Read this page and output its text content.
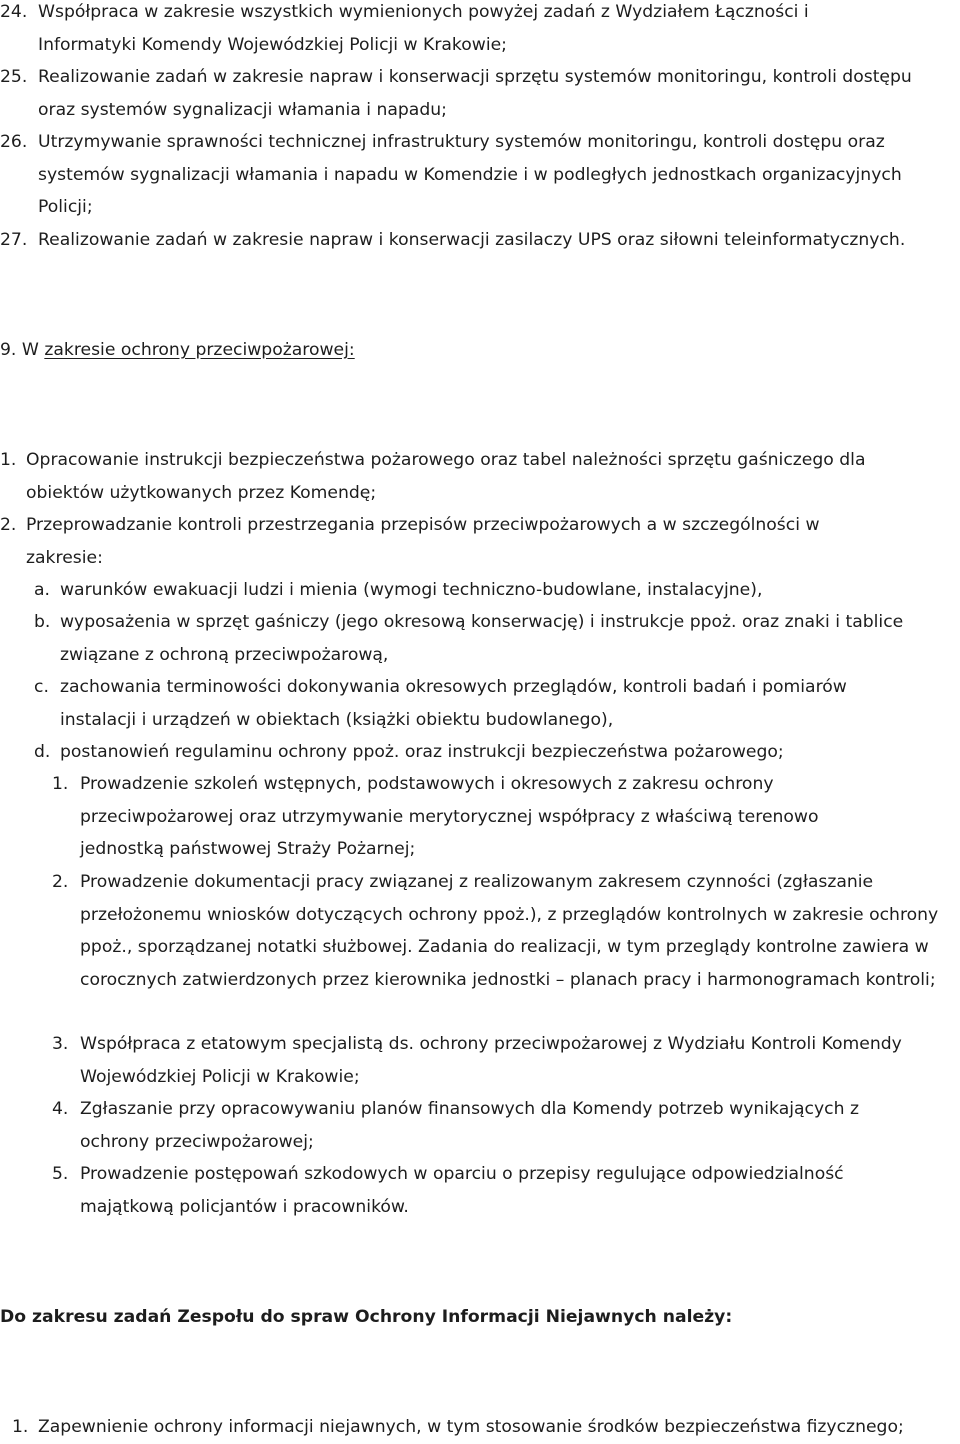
24. Współpraca w zakresie wszystkich wymienionych powyżej zadań z Wydziałem Łączności i Informatyki Komendy Wojewódzkiej Policji w Krakowie;
25. Realizowanie zadań w zakresie napraw i konserwacji sprzętu systemów monitoringu, kontroli dostępu oraz systemów sygnalizacji włamania i napadu;
26. Utrzymywanie sprawności technicznej infrastruktury systemów monitoringu, kontroli dostępu oraz systemów sygnalizacji włamania i napadu w Komendzie i w podległych jednostkach organizacyjnych Policji;
27. Realizowanie zadań w zakresie napraw i konserwacji zasilaczy UPS oraz siłowni teleinformatycznych.
9. W zakresie ochrony przeciwpożarowej:
1. Opracowanie instrukcji bezpieczeństwa pożarowego oraz tabel należności sprzętu gaśniczego dla obiektów użytkowanych przez Komendę;
2. Przeprowadzanie kontroli przestrzegania przepisów przeciwpożarowych a w szczególności w zakresie:
a. warunków ewakuacji ludzi i mienia (wymogi techniczno-budowlane, instalacyjne),
b. wyposażenia w sprzęt gaśniczy (jego okresową konserwację) i instrukcje ppoż. oraz znaki i tablice związane z ochroną przeciwpożarową,
c. zachowania terminowości dokonywania okresowych przeglądów, kontroli badań i pomiarów instalacji i urządzeń w obiektach (książki obiektu budowlanego),
d. postanowień regulaminu ochrony ppoż. oraz instrukcji bezpieczeństwa pożarowego;
1. Prowadzenie szkoleń wstępnych, podstawowych i okresowych z zakresu ochrony przeciwpożarowej oraz utrzymywanie merytorycznej współpracy z właściwą terenowo jednostką państwowej Straży Pożarnej;
2. Prowadzenie dokumentacji pracy związanej z realizowanym zakresem czynności (zgłaszanie przełożonemu wniosków dotyczących ochrony ppoż.), z przeglądów kontrolnych w zakresie ochrony ppoż., sporządzanej notatki służbowej. Zadania do realizacji, w tym przeglądy kontrolne zawiera w corocznych zatwierdzonych przez kierownika jednostki – planach pracy i harmonogramach kontroli;
3. Współpraca z etatowym specjalistą ds. ochrony przeciwpożarowej z Wydziału Kontroli Komendy Wojewódzkiej Policji w Krakowie;
4. Zgłaszanie przy opracowywaniu planów finansowych dla Komendy potrzeb wynikających z ochrony przeciwpożarowej;
5. Prowadzenie postępowań szkodowych w oparciu o przepisy regulujące odpowiedzialność majątkową policjantów i pracowników.
Do zakresu zadań Zespołu do spraw Ochrony Informacji Niejawnych należy:
1. Zapewnienie ochrony informacji niejawnych, w tym stosowanie środków bezpieczeństwa fizycznego;
